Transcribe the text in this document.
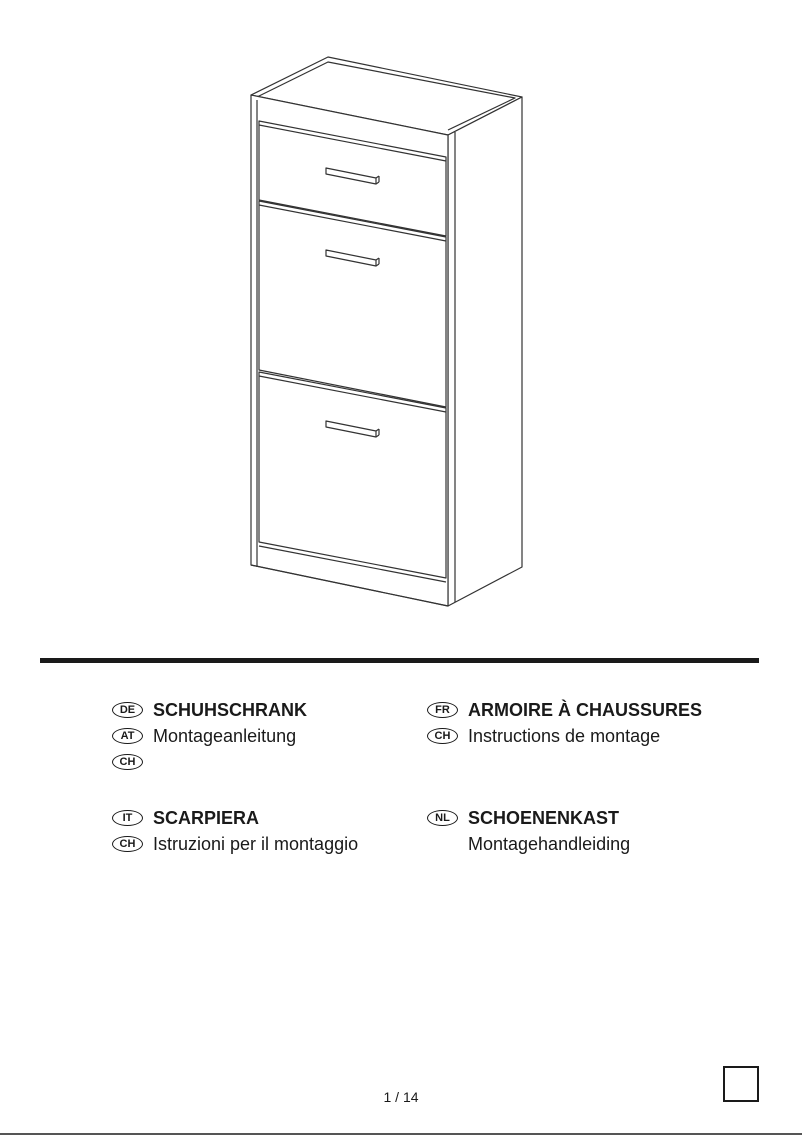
DE SCHUHSCHRANK
AT	Montageanleitung
CH
FR	ARMOIRE À CHAUSSURES
CH Instructions de montage
IT	SCARPIERA
CH Istruzioni per il montaggio
NL	SCHOENENKAST
Montagehandleiding
1 / 14
